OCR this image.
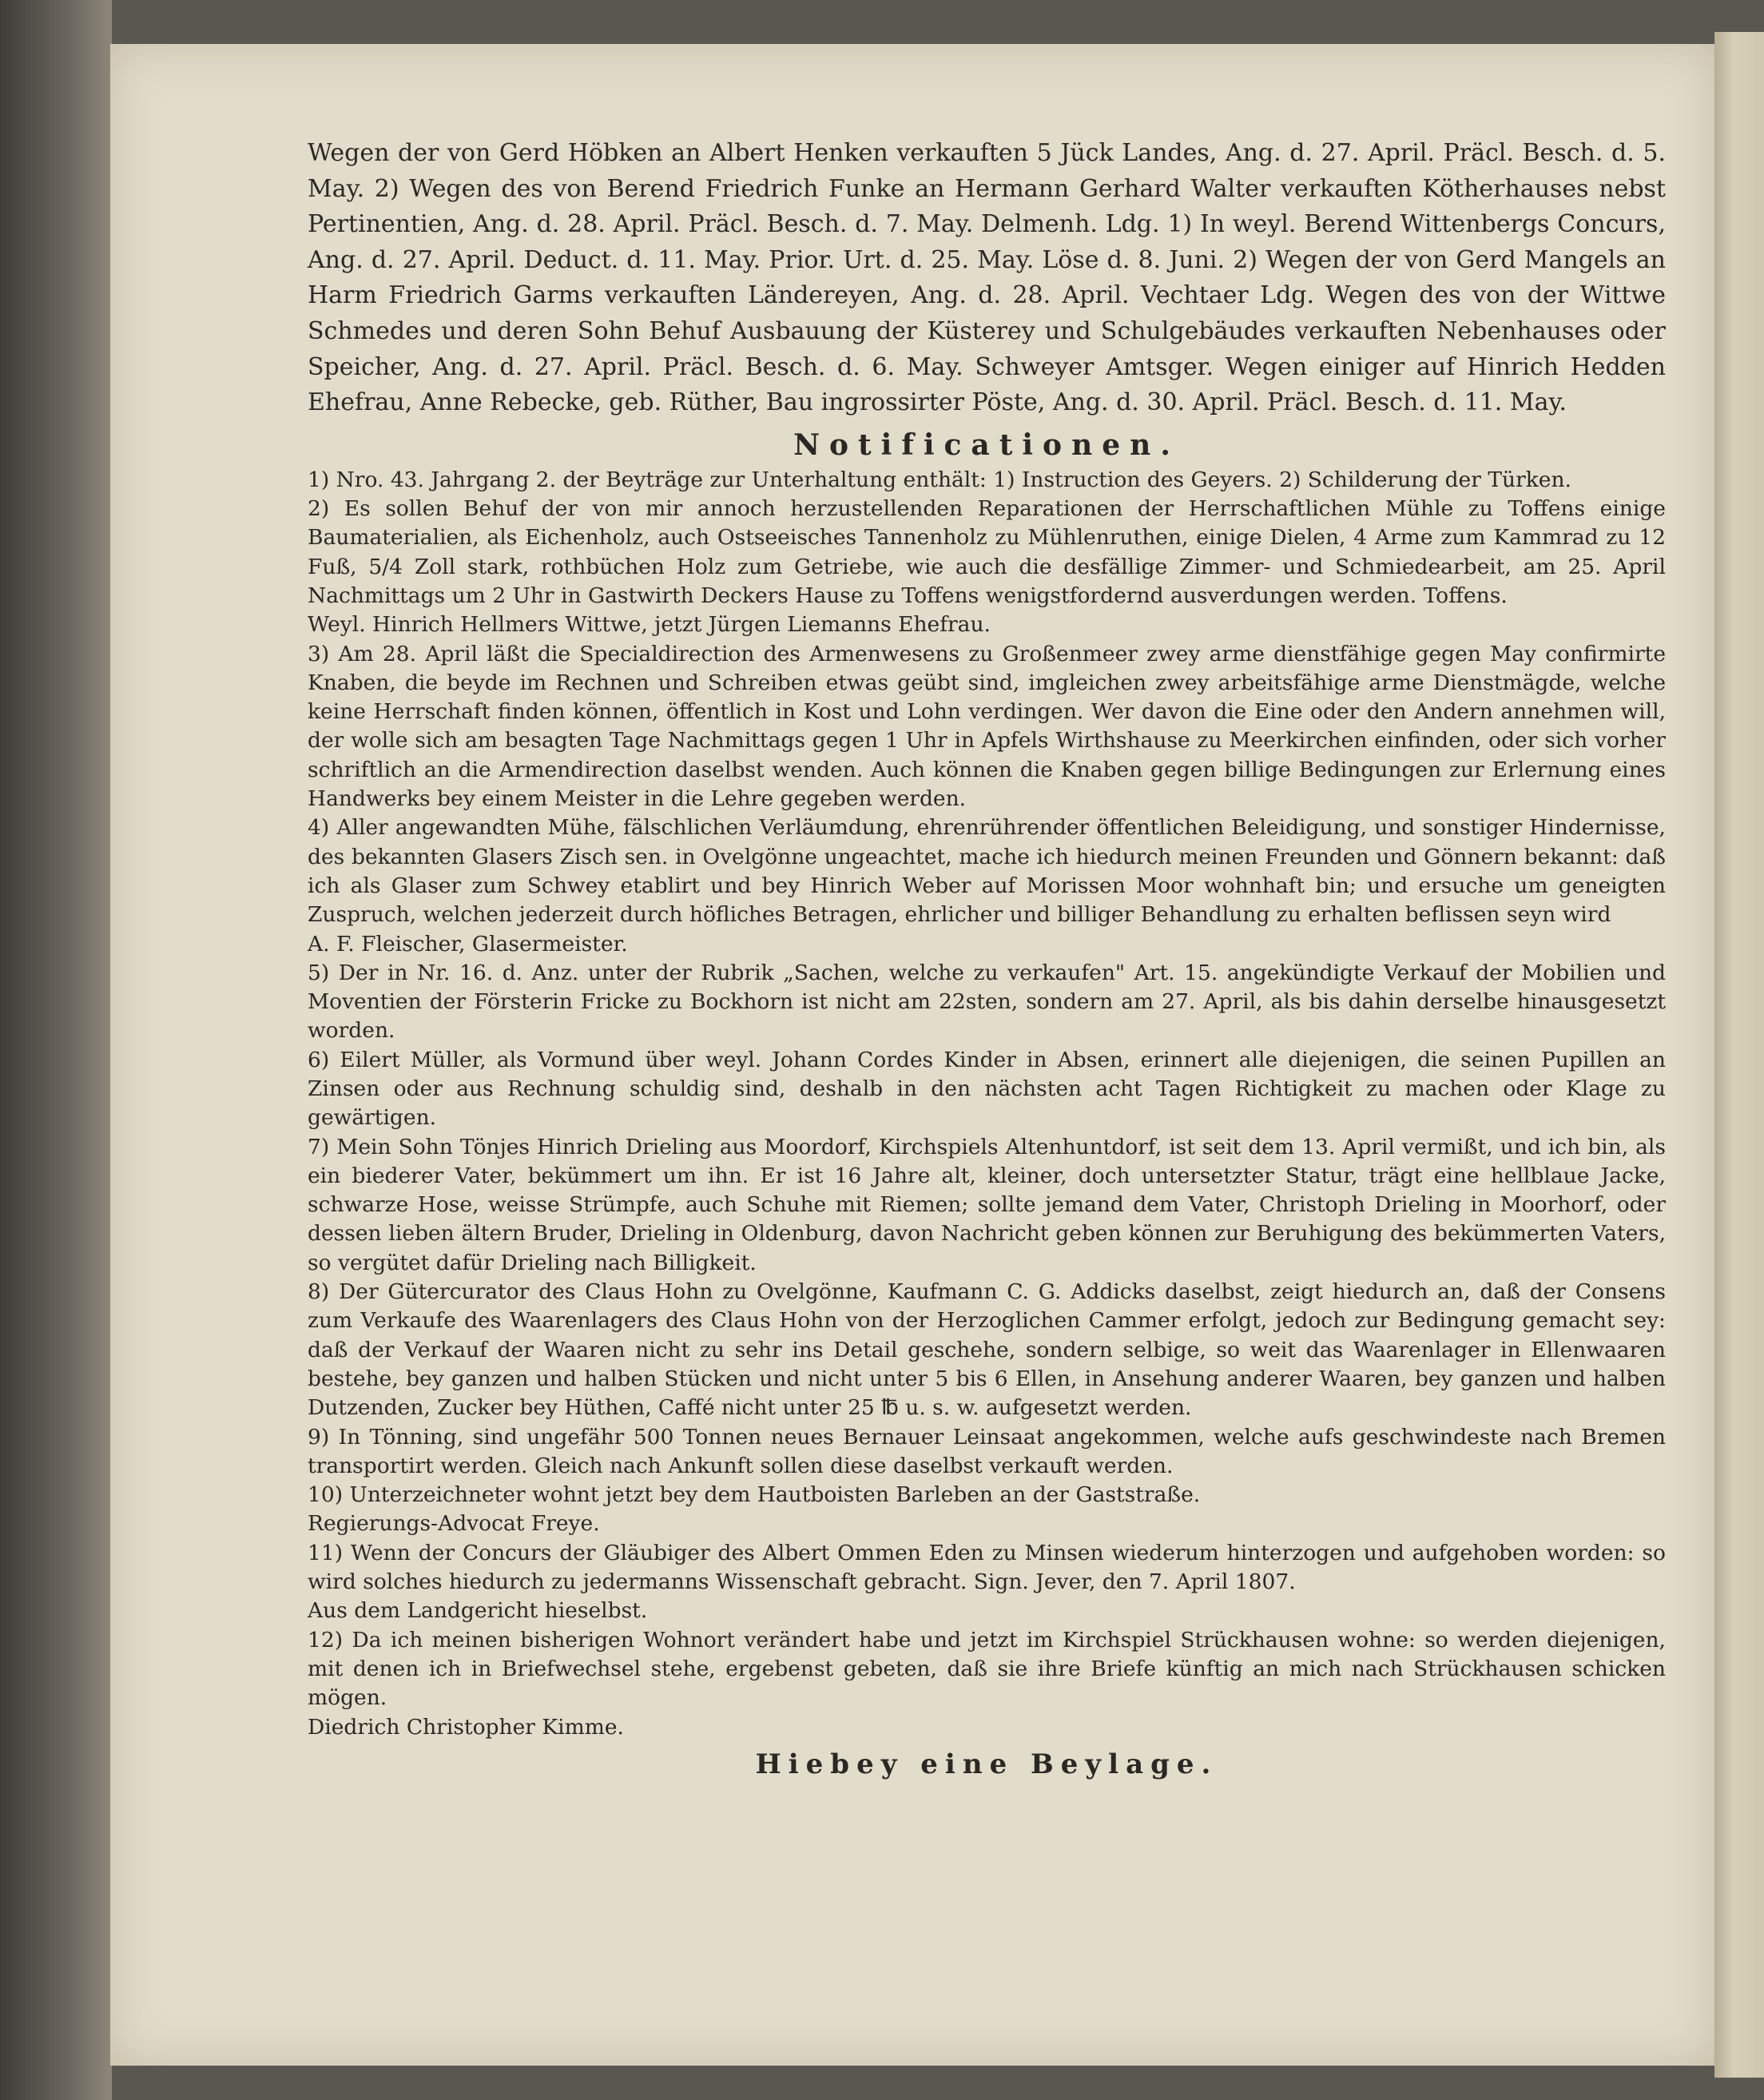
Wegen der von Gerd Höbken an Albert Henken verkauften 5 Jück Landes, Ang. d. 27. April. Präcl. Besch. d. 5. May. 2) Wegen des von Berend Friedrich Funke an Hermann Gerhard Walter verkauften Kötherhauses nebst Pertinentien, Ang. d. 28. April. Präcl. Besch. d. 7. May. Delmenh. Ldg. 1) In weyl. Berend Wittenbergs Concurs, Ang. d. 27. April. Deduct. d. 11. May. Prior. Urt. d. 25. May. Löse d. 8. Juni. 2) Wegen der von Gerd Mangels an Harm Friedrich Garms verkauften Ländereyen, Ang. d. 28. April. Vechtaer Ldg. Wegen des von der Wittwe Schmedes und deren Sohn Behuf Ausbauung der Küsterey und Schulgebäudes verkauften Nebenhauses oder Speicher, Ang. d. 27. April. Präcl. Besch. d. 6. May. Schweyer Amtsger. Wegen einiger auf Hinrich Hedden Ehefrau, Anne Rebecke, geb. Rüther, Bau ingrossirter Pöste, Ang. d. 30. April. Präcl. Besch. d. 11. May.

Notificationen.

1) Nro. 43. Jahrgang 2. der Beyträge zur Unterhaltung enthält: 1) Instruction des Geyers. 2) Schilderung der Türken.

2) Es sollen Behuf der von mir annoch herzustellenden Reparationen der Herrschaftlichen Mühle zu Toffens einige Baumaterialien, als Eichenholz, auch Ostseeisches Tannenholz zu Mühlenruthen, einige Dielen, 4 Arme zum Kammrad zu 12 Fuß, 5/4 Zoll stark, rothbüchen Holz zum Getriebe, wie auch die desfällige Zimmer- und Schmiedearbeit, am 25. April Nachmittags um 2 Uhr in Gastwirth Deckers Hause zu Toffens wenigstfordernd ausverdungen werden. Toffens.

Weyl. Hinrich Hellmers Wittwe, jetzt Jürgen Liemanns Ehefrau.

3) Am 28. April läßt die Specialdirection des Armenwesens zu Großenmeer zwey arme dienstfähige gegen May confirmirte Knaben, die beyde im Rechnen und Schreiben etwas geübt sind, imgleichen zwey arbeitsfähige arme Dienstmägde, welche keine Herrschaft finden können, öffentlich in Kost und Lohn verdingen. Wer davon die Eine oder den Andern annehmen will, der wolle sich am besagten Tage Nachmittags gegen 1 Uhr in Apfels Wirthshause zu Meerkirchen einfinden, oder sich vorher schriftlich an die Armendirection daselbst wenden. Auch können die Knaben gegen billige Bedingungen zur Erlernung eines Handwerks bey einem Meister in die Lehre gegeben werden.

4) Aller angewandten Mühe, fälschlichen Verläumdung, ehrenrührender öffentlichen Beleidigung, und sonstiger Hindernisse, des bekannten Glasers Zisch sen. in Ovelgönne ungeachtet, mache ich hiedurch meinen Freunden und Gönnern bekannt: daß ich als Glaser zum Schwey etablirt und bey Hinrich Weber auf Morissen Moor wohnhaft bin; und ersuche um geneigten Zuspruch, welchen jederzeit durch höfliches Betragen, ehrlicher und billiger Behandlung zu erhalten beflissen seyn wird

A. F. Fleischer, Glasermeister.

5) Der in Nr. 16. d. Anz. unter der Rubrik „Sachen, welche zu verkaufen" Art. 15. angekündigte Verkauf der Mobilien und Moventien der Försterin Fricke zu Bockhorn ist nicht am 22sten, sondern am 27. April, als bis dahin derselbe hinausgesetzt worden.

6) Eilert Müller, als Vormund über weyl. Johann Cordes Kinder in Absen, erinnert alle diejenigen, die seinen Pupillen an Zinsen oder aus Rechnung schuldig sind, deshalb in den nächsten acht Tagen Richtigkeit zu machen oder Klage zu gewärtigen.

7) Mein Sohn Tönjes Hinrich Drieling aus Moordorf, Kirchspiels Altenhuntdorf, ist seit dem 13. April vermißt, und ich bin, als ein biederer Vater, bekümmert um ihn. Er ist 16 Jahre alt, kleiner, doch untersetzter Statur, trägt eine hellblaue Jacke, schwarze Hose, weisse Strümpfe, auch Schuhe mit Riemen; sollte jemand dem Vater, Christoph Drieling in Moorhorf, oder dessen lieben ältern Bruder, Drieling in Oldenburg, davon Nachricht geben können zur Beruhigung des bekümmerten Vaters, so vergütet dafür Drieling nach Billigkeit.

8) Der Gütercurator des Claus Hohn zu Ovelgönne, Kaufmann C. G. Addicks daselbst, zeigt hiedurch an, daß der Consens zum Verkaufe des Waarenlagers des Claus Hohn von der Herzoglichen Cammer erfolgt, jedoch zur Bedingung gemacht sey: daß der Verkauf der Waaren nicht zu sehr ins Detail geschehe, sondern selbige, so weit das Waarenlager in Ellenwaaren bestehe, bey ganzen und halben Stücken und nicht unter 5 bis 6 Ellen, in Ansehung anderer Waaren, bey ganzen und halben Dutzenden, Zucker bey Hüthen, Caffé nicht unter 25 ℔ u. s. w. aufgesetzt werden.

9) In Tönning, sind ungefähr 500 Tonnen neues Bernauer Leinsaat angekommen, welche aufs geschwindeste nach Bremen transportirt werden. Gleich nach Ankunft sollen diese daselbst verkauft werden.

10) Unterzeichneter wohnt jetzt bey dem Hautboisten Barleben an der Gaststraße.

Regierungs-Advocat Freye.

11) Wenn der Concurs der Gläubiger des Albert Ommen Eden zu Minsen wiederum hinterzogen und aufgehoben worden: so wird solches hiedurch zu jedermanns Wissenschaft gebracht. Sign. Jever, den 7. April 1807.

Aus dem Landgericht hieselbst.

12) Da ich meinen bisherigen Wohnort verändert habe und jetzt im Kirchspiel Strückhausen wohne: so werden diejenigen, mit denen ich in Briefwechsel stehe, ergebenst gebeten, daß sie ihre Briefe künftig an mich nach Strückhausen schicken mögen.

Diedrich Christopher Kimme.

Hiebey eine Beylage.
